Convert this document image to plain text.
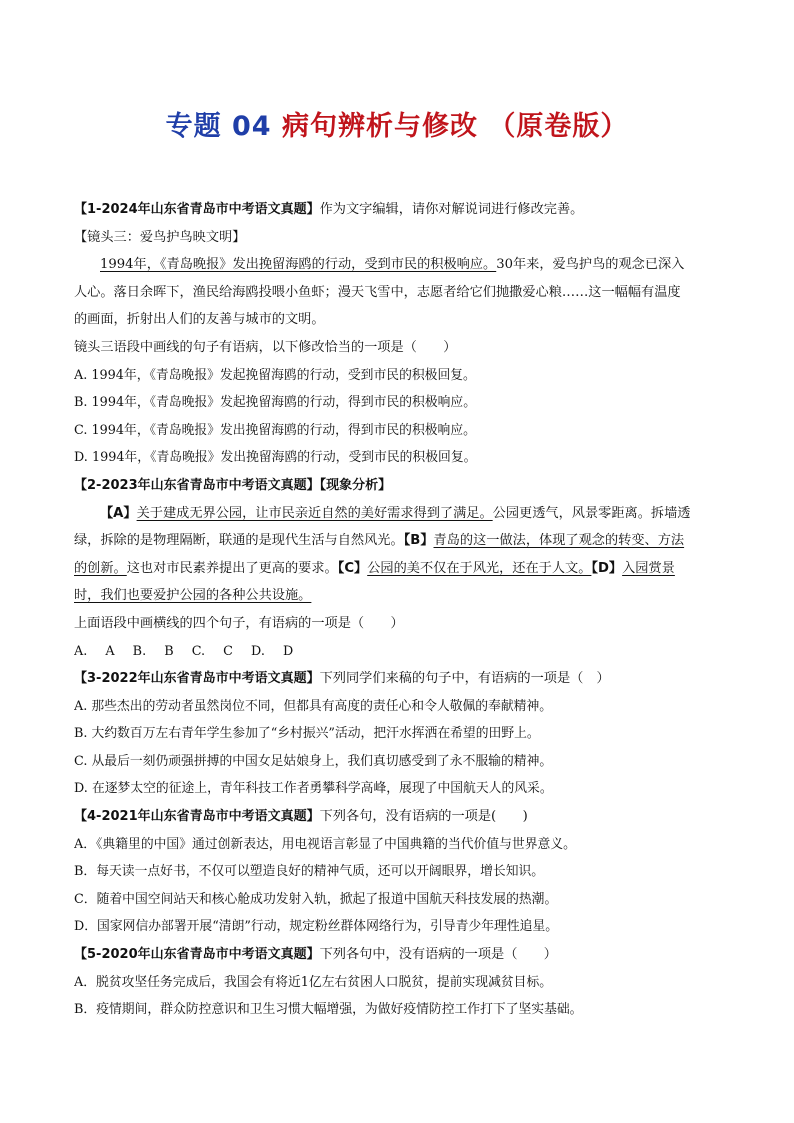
专题 04 病句辨析与修改 （原卷版）
【1-2024年山东省青岛市中考语文真题】作为文字编辑，请你对解说词进行修改完善。
【镜头三：爱鸟护鸟映文明】
1994年，《青岛晚报》发出挽留海鸥的行动，受到市民的积极响应。30年来，爱鸟护鸟的观念已深入
人心。落日余晖下，渔民给海鸥投喂小鱼虾；漫天飞雪中，志愿者给它们抛撒爱心粮……这一幅幅有温度
的画面，折射出人们的友善与城市的文明。
镜头三语段中画线的句子有语病，以下修改恰当的一项是（　　）
A. 1994年，《青岛晚报》发起挽留海鸥的行动，受到市民的积极回复。
B. 1994年，《青岛晚报》发起挽留海鸥的行动，得到市民的积极响应。
C. 1994年，《青岛晚报》发出挽留海鸥的行动，得到市民的积极响应。
D. 1994年，《青岛晚报》发出挽留海鸥的行动，受到市民的积极回复。
【2-2023年山东省青岛市中考语文真题】【现象分析】
【A】关于建成无界公园，让市民亲近自然的美好需求得到了满足。公园更透气，风景零距离。拆墙透
绿，拆除的是物理隔断，联通的是现代生活与自然风光。【B】青岛的这一做法，体现了观念的转变、方法
的创新。这也对市民素养提出了更高的要求。【C】公园的美不仅在于风光，还在于人文。【D】入园赏景
时，我们也要爱护公园的各种公共设施。
上面语段中画横线的四个句子，有语病的一项是（　　）
A. A B. B C. C D. D
【3-2022年山东省青岛市中考语文真题】下列同学们来稿的句子中，有语病的一项是（　）
A. 那些杰出的劳动者虽然岗位不同，但都具有高度的责任心和令人敬佩的奉献精神。
B. 大约数百万左右青年学生参加了“乡村振兴”活动，把汗水挥洒在希望的田野上。
C. 从最后一刻仍顽强拼搏的中国女足姑娘身上，我们真切感受到了永不服输的精神。
D. 在逐梦太空的征途上，青年科技工作者勇攀科学高峰，展现了中国航天人的风采。
【4-2021年山东省青岛市中考语文真题】下列各句，没有语病的一项是(　　)
A．《典籍里的中国》通过创新表达，用电视语言彰显了中国典籍的当代价值与世界意义。
B．每天读一点好书，不仅可以塑造良好的精神气质，还可以开阔眼界，增长知识。
C．随着中国空间站天和核心舱成功发射入轨，掀起了报道中国航天科技发展的热潮。
D．国家网信办部署开展“清朗”行动，规定粉丝群体网络行为，引导青少年理性追星。
【5-2020年山东省青岛市中考语文真题】下列各句中，没有语病的一项是（　　）
A．脱贫攻坚任务完成后，我国会有将近1亿左右贫困人口脱贫，提前实现减贫目标。
B．疫情期间，群众防控意识和卫生习惯大幅增强，为做好疫情防控工作打下了坚实基础。
